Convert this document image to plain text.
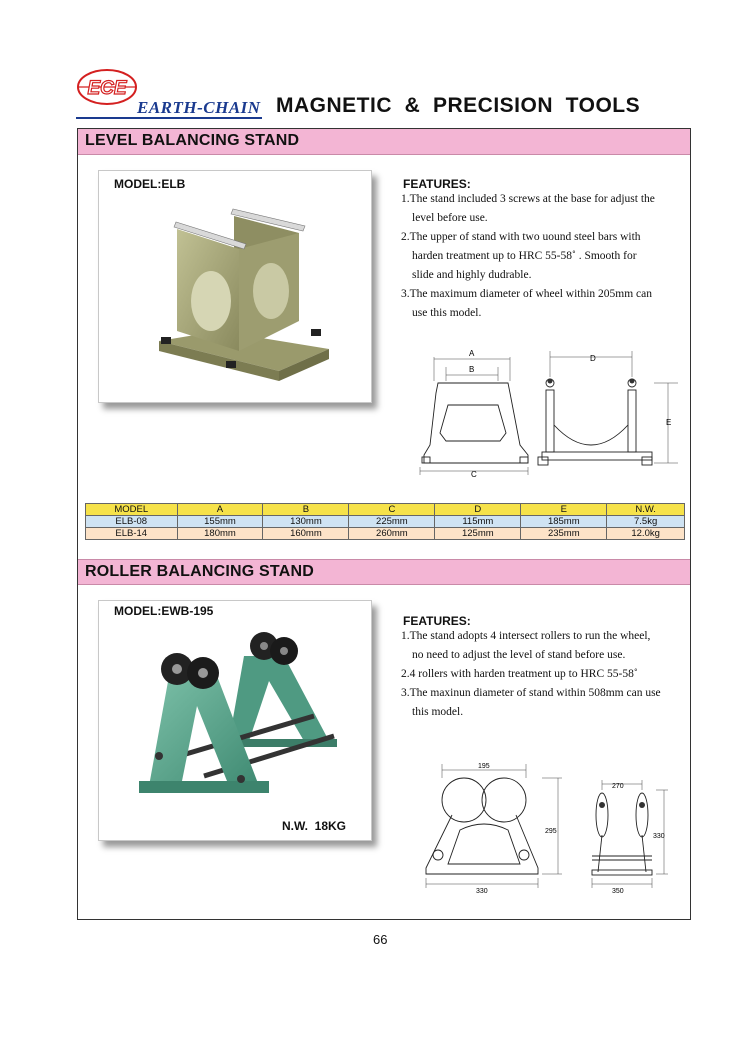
ECE
EARTH-CHAIN MAGNETIC  &  PRECISION  TOOLS
LEVEL BALANCING STAND
MODEL:ELB	FEATURES:
1.The stand included 3 screws at the base for adjust the
level before use.
2.The upper of stand with two uound steel bars with
harden treatment up to HRC 55-58˚ . Smooth for
slide and highly dudrable.
3.The maximum diameter of wheel within 205mm can
use this model.
A
B
C
D
E
MODEL	A	B	C	D	E	N.W.
ELB-08	155mm	130mm	225mm	115mm	185mm	7.5kg
ELB-14	180mm	160mm	260mm	125mm	235mm	12.0kg
ROLLER BALANCING STAND
MODEL:EWB-195
N.W.  18KG
FEATURES:
1.The stand adopts 4 intersect rollers to run the wheel,
no need to adjust the level of stand before use.
2.4 rollers with harden treatment up to HRC 55-58˚
3.The maxinun diameter of stand within 508mm can use
this model.
195
295
330
270
330
350
66
